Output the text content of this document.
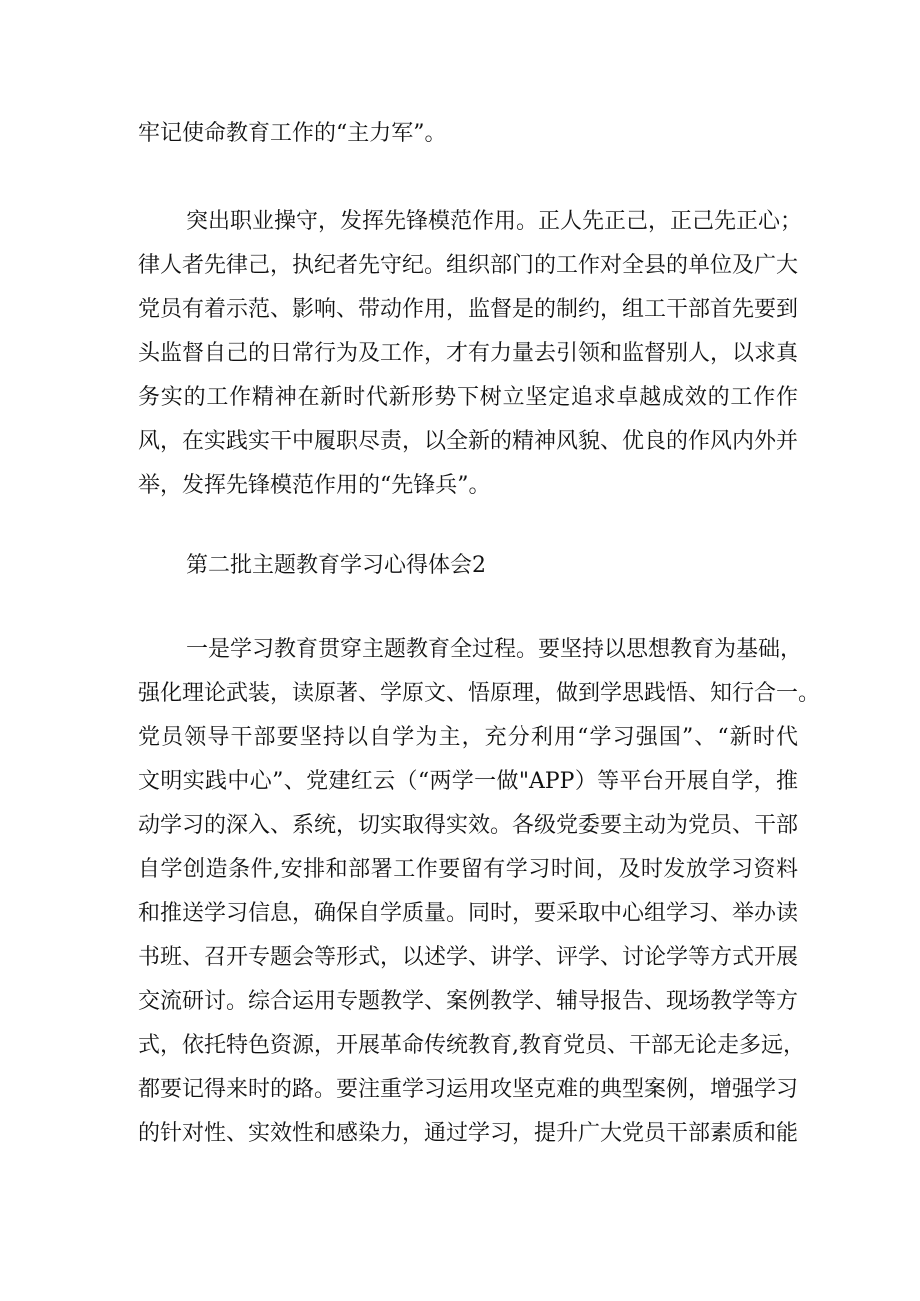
牢记使命教育工作的“主力军”。
突出职业操守，发挥先锋模范作用。正人先正己，正己先正心；
律人者先律己，执纪者先守纪。组织部门的工作对全县的单位及广大
党员有着示范、影响、带动作用，监督是的制约，组工干部首先要到
头监督自己的日常行为及工作，才有力量去引领和监督别人，以求真
务实的工作精神在新时代新形势下树立坚定追求卓越成效的工作作
风，在实践实干中履职尽责，以全新的精神风貌、优良的作风内外并
举，发挥先锋模范作用的“先锋兵”。
第二批主题教育学习心得体会2
一是学习教育贯穿主题教育全过程。要坚持以思想教育为基础，
强化理论武装，读原著、学原文、悟原理，做到学思践悟、知行合一。
党员领导干部要坚持以自学为主，充分利用“学习强国”、“新时代
文明实践中心”、党建红云（“两学一做"APP）等平台开展自学，推
动学习的深入、系统，切实取得实效。各级党委要主动为党员、干部
自学创造条件,安排和部署工作要留有学习时间，及时发放学习资料
和推送学习信息，确保自学质量。同时，要采取中心组学习、举办读
书班、召开专题会等形式，以述学、讲学、评学、讨论学等方式开展
交流研讨。综合运用专题教学、案例教学、辅导报告、现场教学等方
式，依托特色资源，开展革命传统教育,教育党员、干部无论走多远，
都要记得来时的路。要注重学习运用攻坚克难的典型案例，增强学习
的针对性、实效性和感染力，通过学习，提升广大党员干部素质和能
